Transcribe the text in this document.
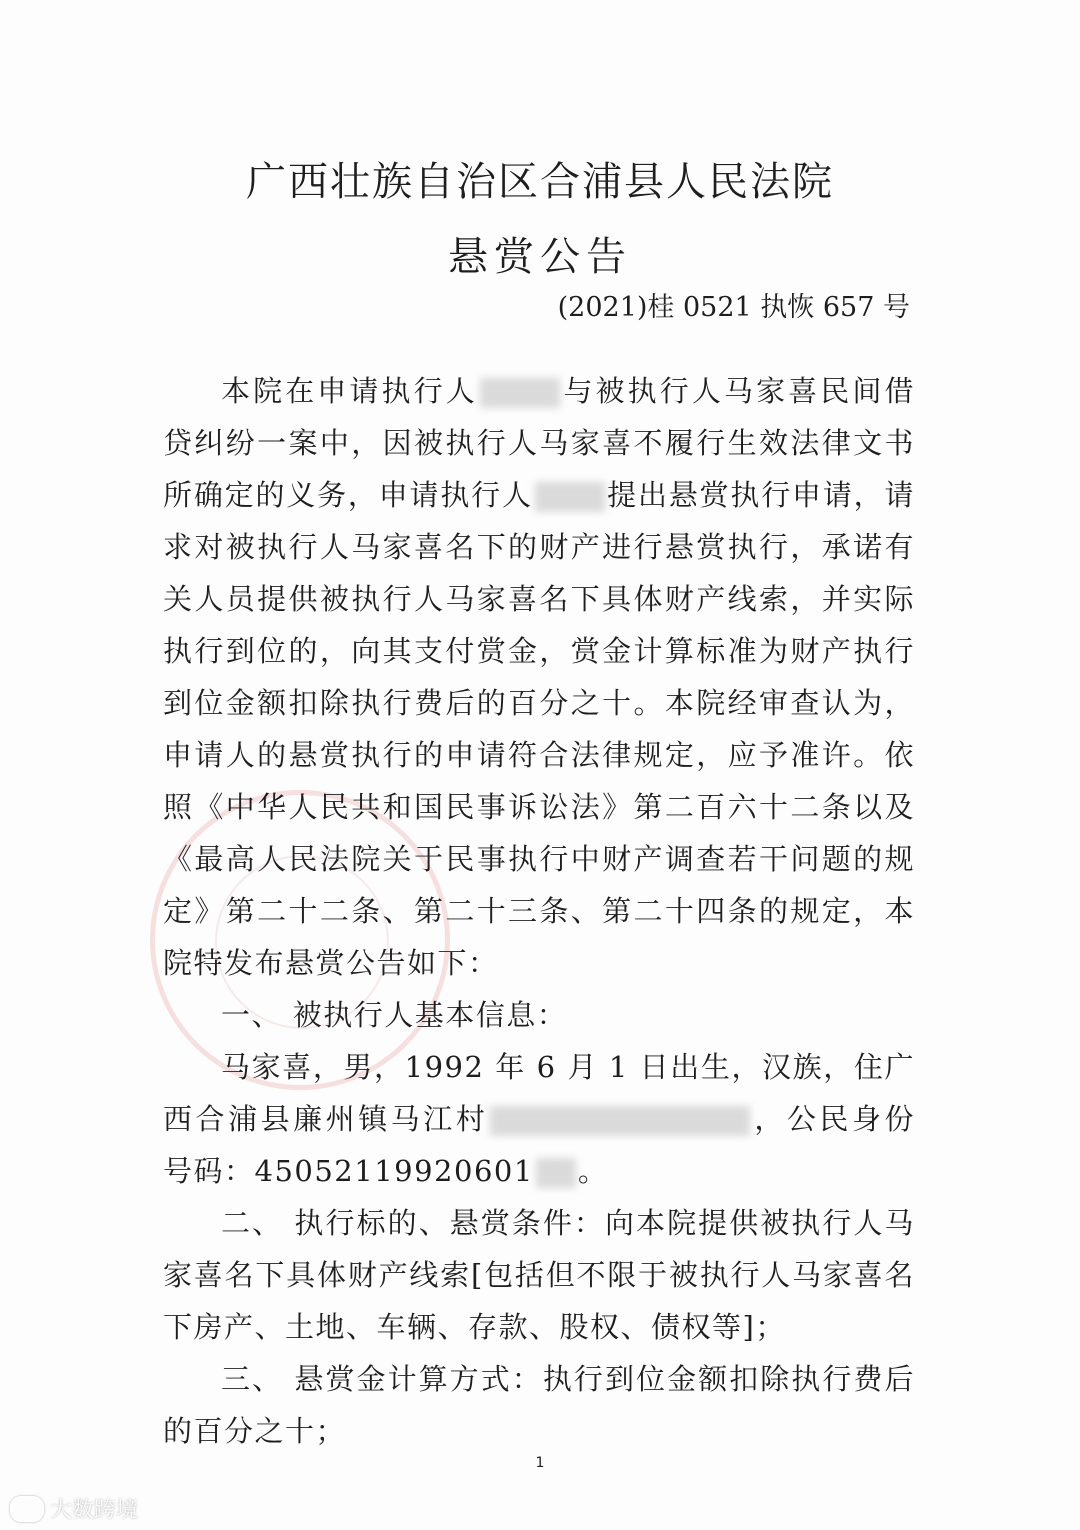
广西壮族自治区合浦县人民法院
悬赏公告
(2021)桂 0521 执恢 657 号

本院在申请执行人	与被执行人马家喜民间借贷纠纷一案中，因被执行人马家喜不履行生效法律文书所确定的义务，申请执行人	提出悬赏执行申请，请求对被执行人马家喜名下的财产进行悬赏执行，承诺有关人员提供被执行人马家喜名下具体财产线索，并实际执行到位的，向其支付赏金，赏金计算标准为财产执行到位金额扣除执行费后的百分之十。本院经审查认为，申请人的悬赏执行的申请符合法律规定，应予准许。依照《中华人民共和国民事诉讼法》第二百六十二条以及《最高人民法院关于民事执行中财产调查若干问题的规定》第二十二条、第二十三条、第二十四条的规定，本院特发布悬赏公告如下：

一、 被执行人基本信息：

马家喜，男，1992 年 6 月 1 日出生，汉族，住广西合浦县廉州镇马江村	，公民身份号码：45052119920601 。

二、 执行标的、悬赏条件：向本院提供被执行人马家喜名下具体财产线索[包括但不限于被执行人马家喜名下房产、土地、车辆、存款、股权、债权等]；

三、 悬赏金计算方式：执行到位金额扣除执行费后的百分之十；

1
大数跨境
